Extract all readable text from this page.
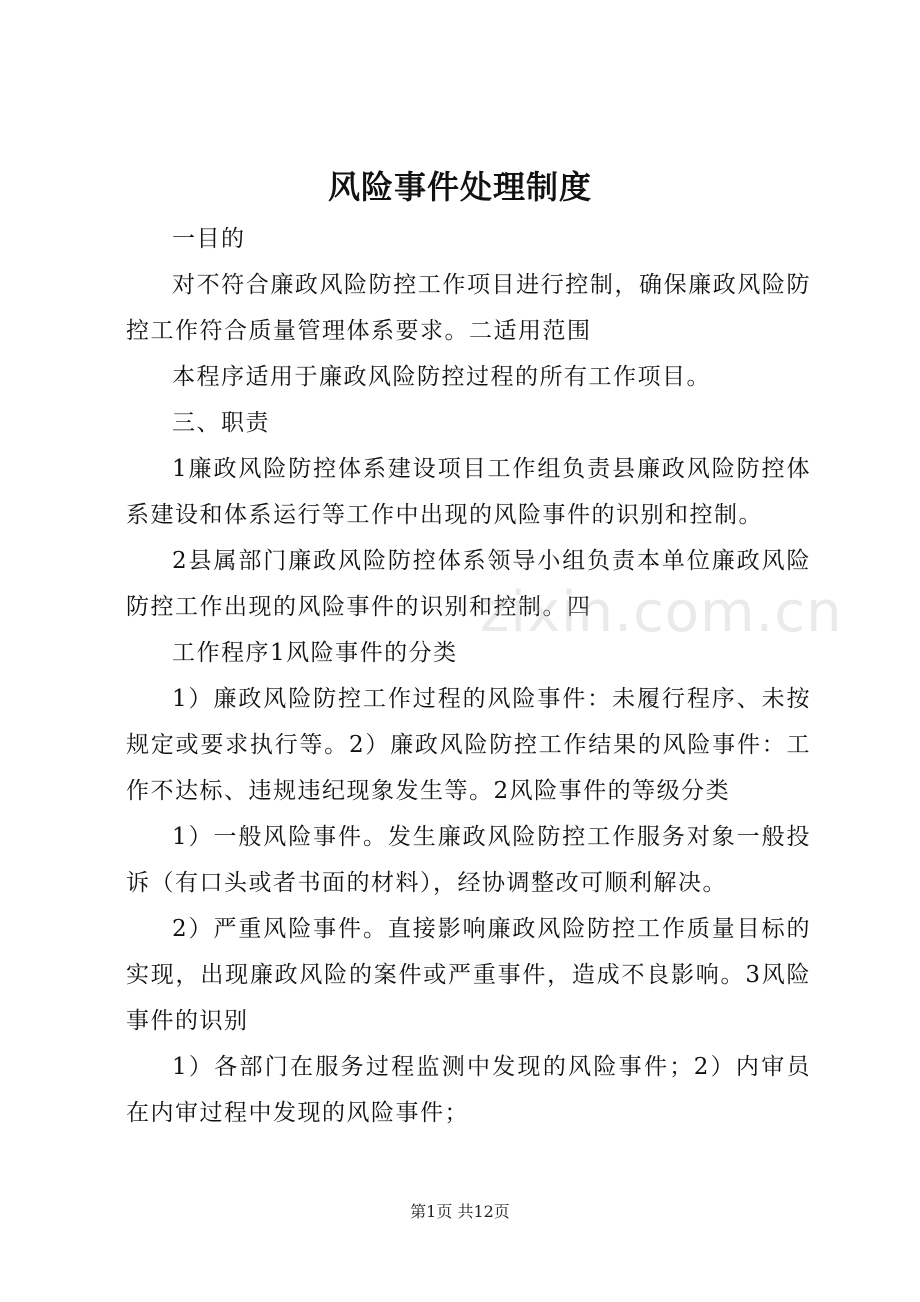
风险事件处理制度

一目的

对不符合廉政风险防控工作项目进行控制，确保廉政风险防控工作符合质量管理体系要求。二适用范围

本程序适用于廉政风险防控过程的所有工作项目。

三、职责

1廉政风险防控体系建设项目工作组负责县廉政风险防控体系建设和体系运行等工作中出现的风险事件的识别和控制。

2县属部门廉政风险防控体系领导小组负责本单位廉政风险防控工作出现的风险事件的识别和控制。四

工作程序1风险事件的分类

1）廉政风险防控工作过程的风险事件：未履行程序、未按规定或要求执行等。2）廉政风险防控工作结果的风险事件：工作不达标、违规违纪现象发生等。2风险事件的等级分类

1）一般风险事件。发生廉政风险防控工作服务对象一般投诉（有口头或者书面的材料），经协调整改可顺利解决。

2）严重风险事件。直接影响廉政风险防控工作质量目标的实现，出现廉政风险的案件或严重事件，造成不良影响。3风险事件的识别

1）各部门在服务过程监测中发现的风险事件；2）内审员在内审过程中发现的风险事件；

zixin.com.cn
第1页 共12页
